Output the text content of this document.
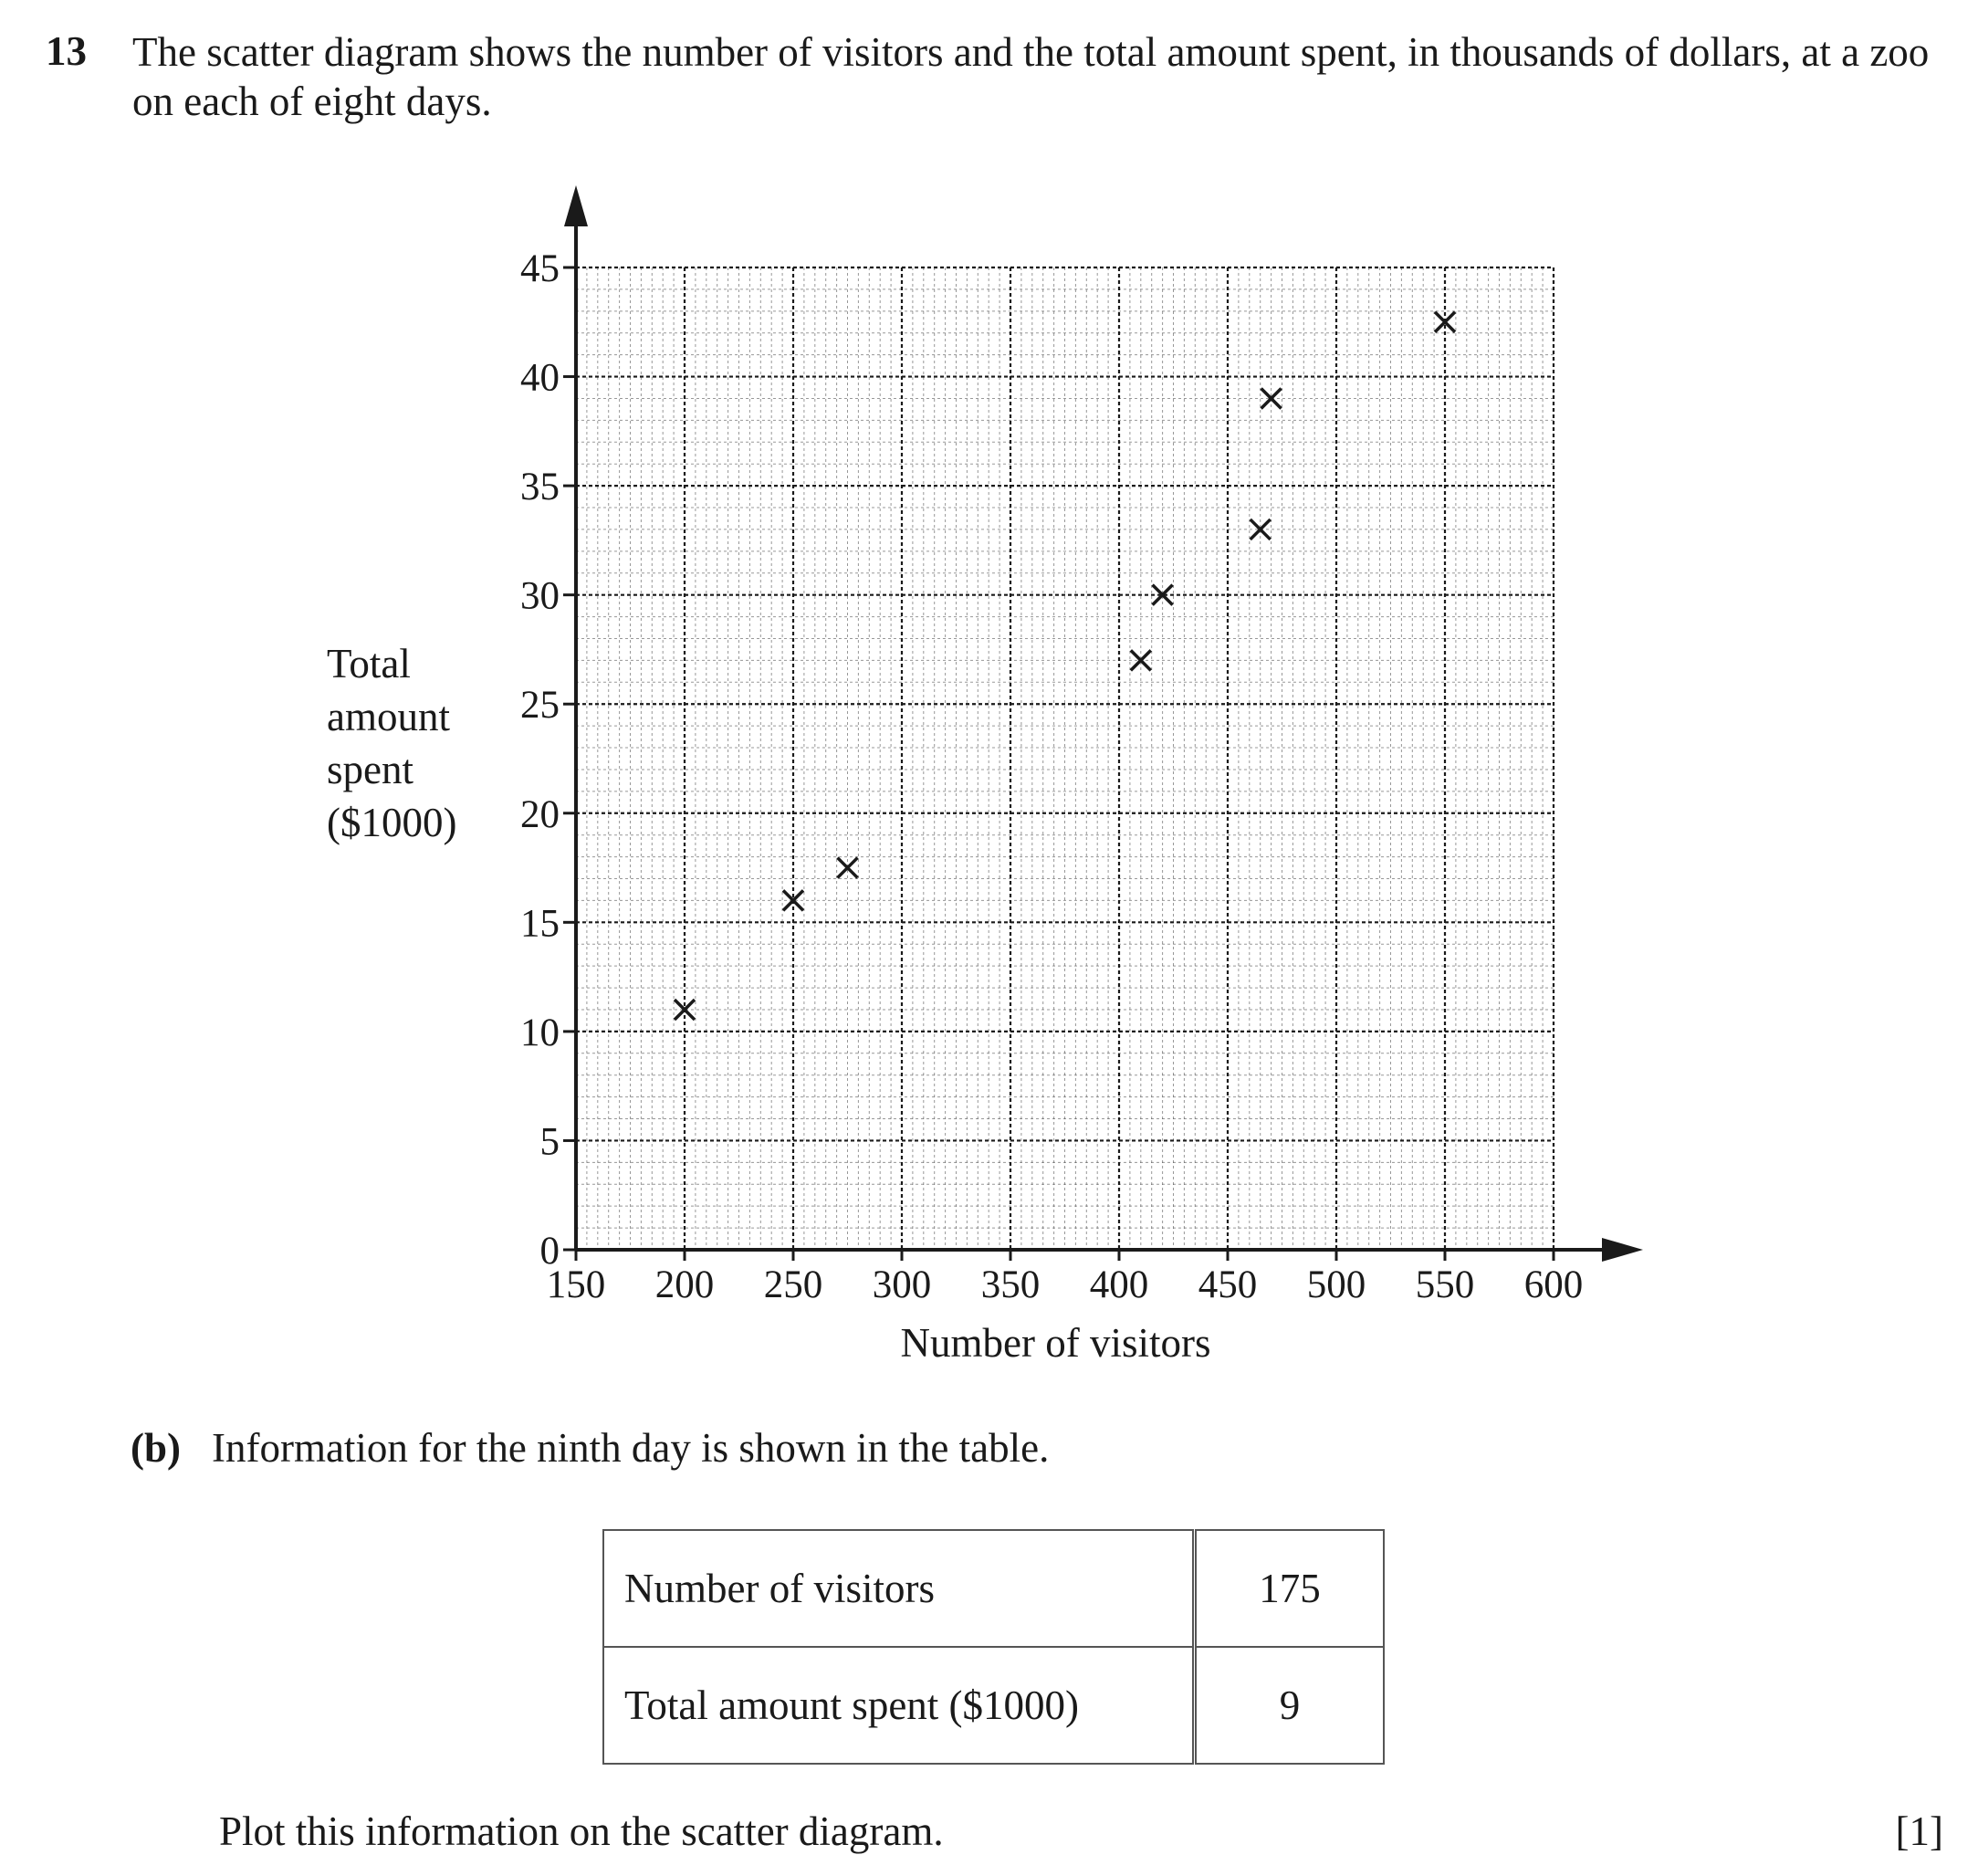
13 The scatter diagram shows the number of visitors and the total amount spent, in thousands of dollars, at a zoo on each of eight days.
0
5
10
15
20
25
30
35
40
45
150 200 250 300 350 400 450 500 550 600
Number of visitors
Total
amount
spent
($1000)
(b) Information for the ninth day is shown in the table.
Number of visitors	175
Total amount spent ($1000)	9
Plot this information on the scatter diagram.	[1]
